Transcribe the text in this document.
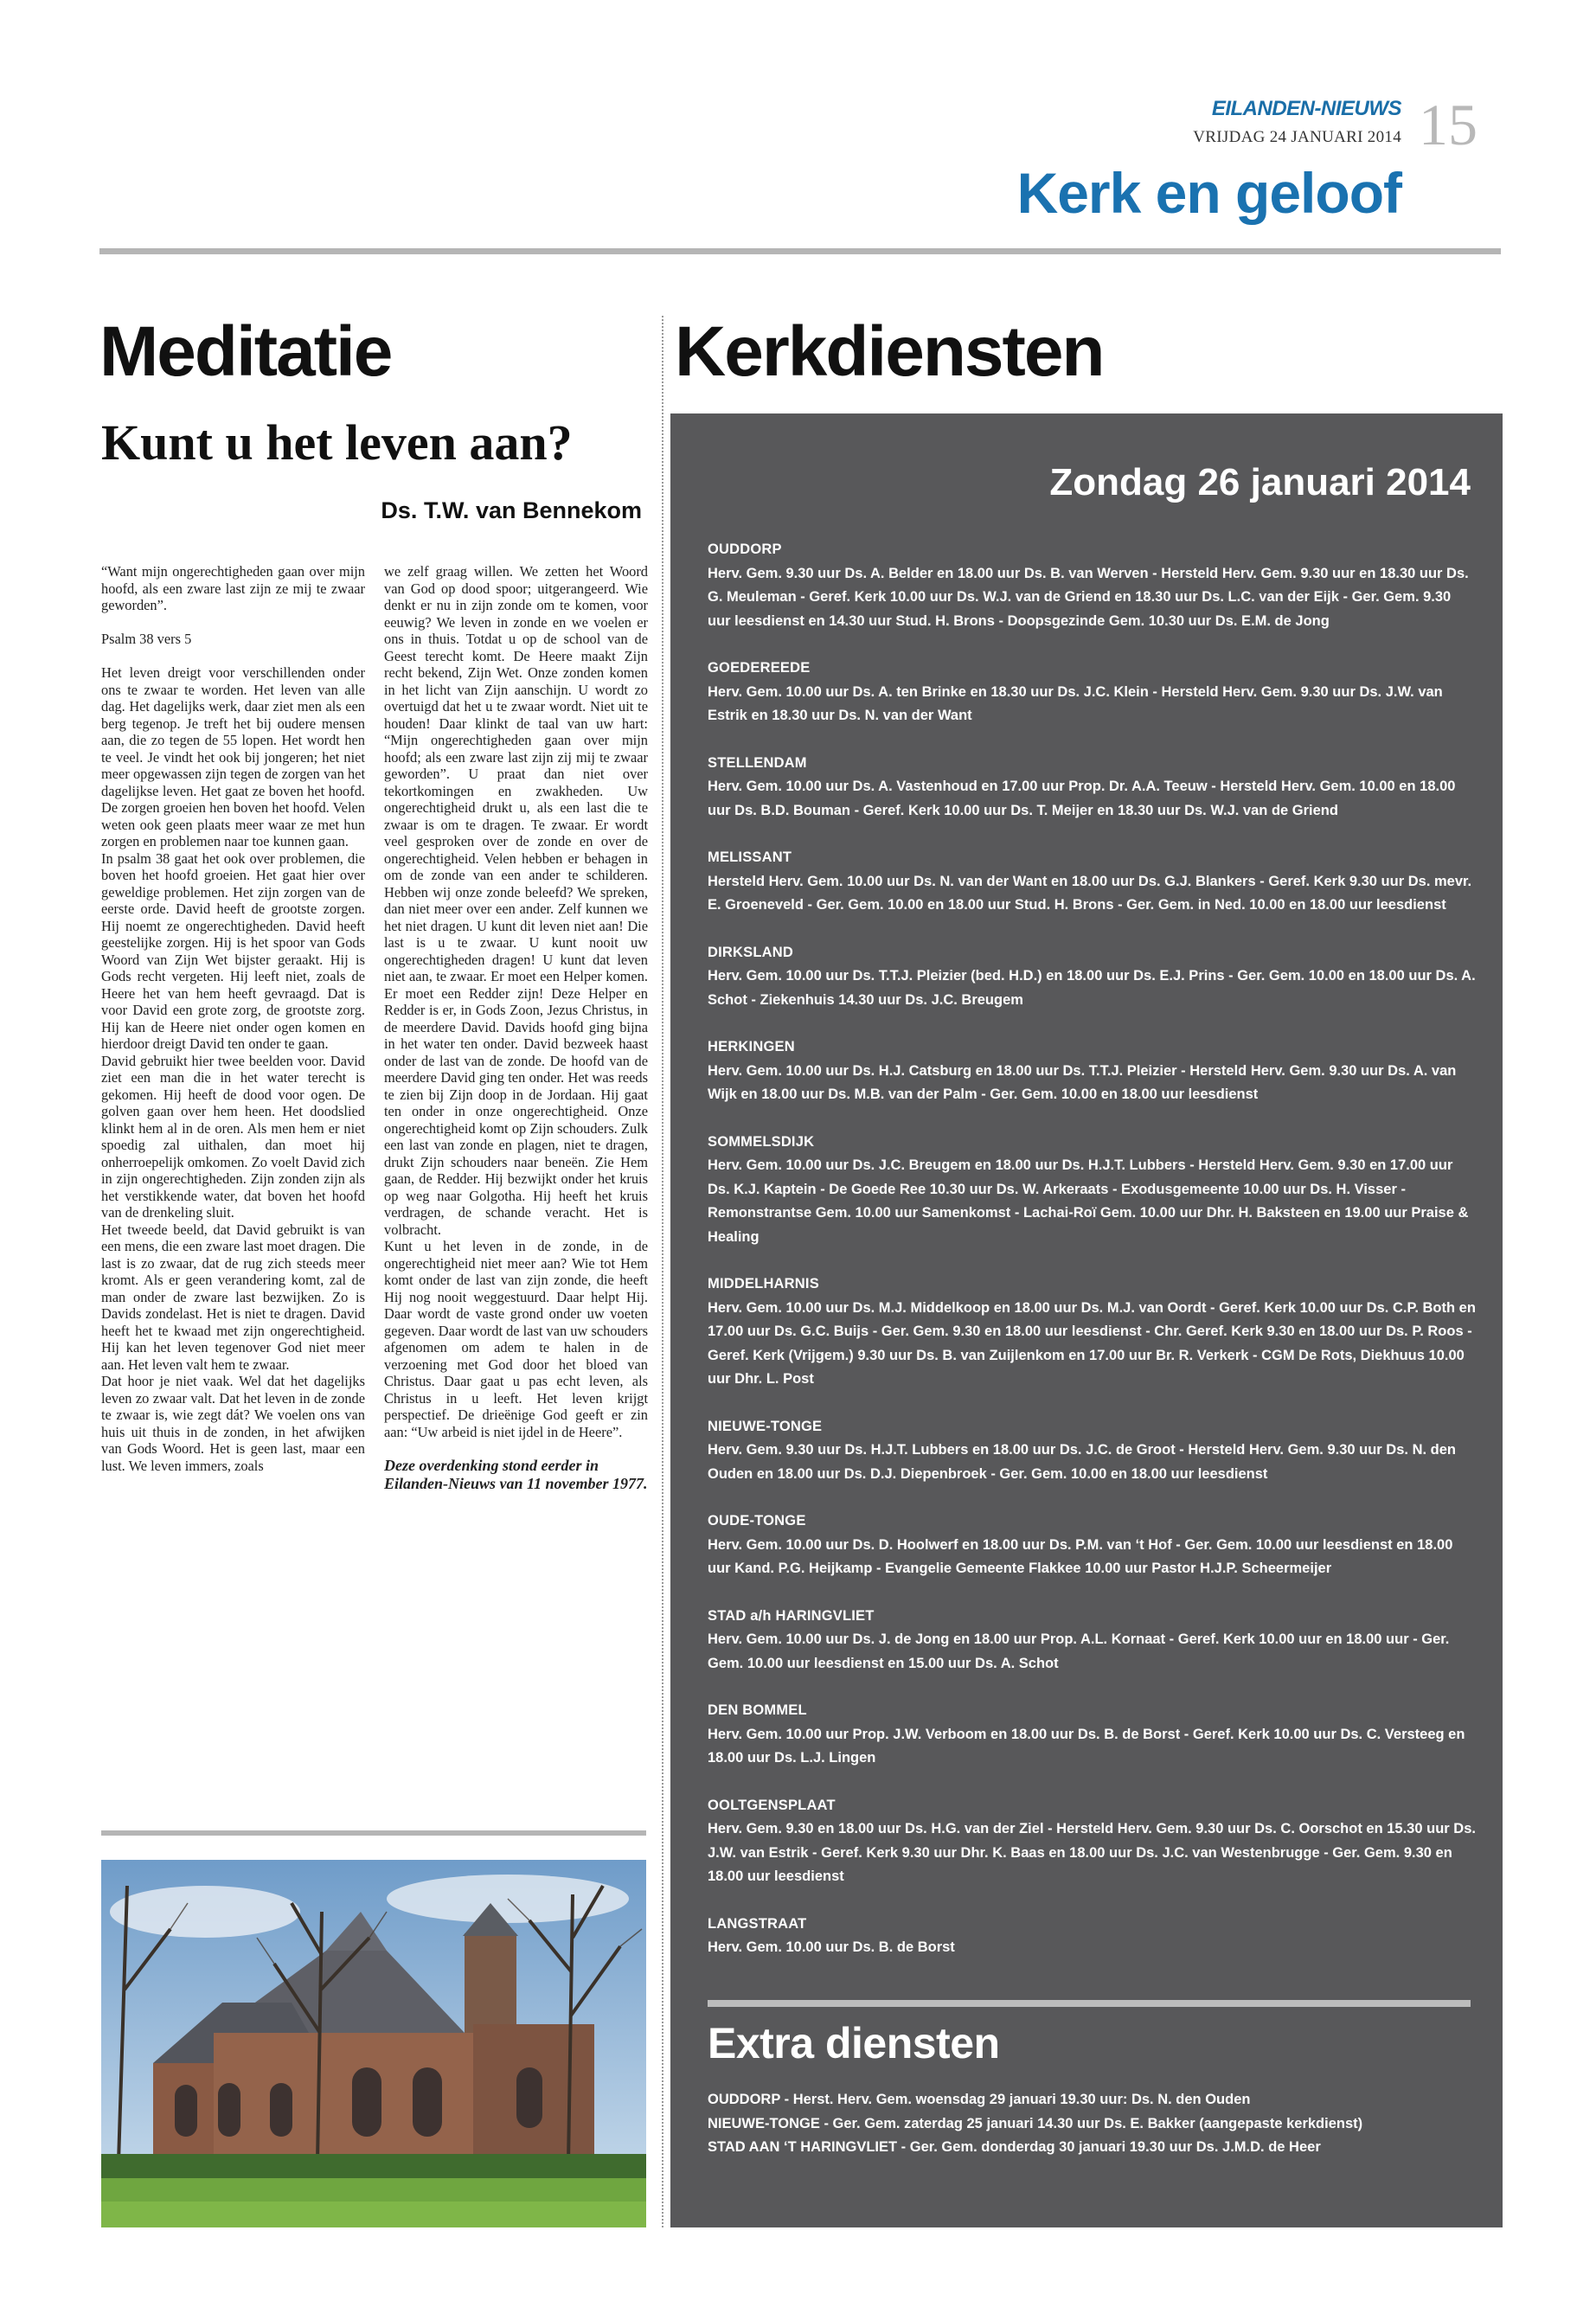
EILANDEN-NIEUWS
VRIJDAG 24 JANUARI 2014 15
Kerk en geloof
Meditatie
Kunt u het leven aan?
Ds. T.W. van Bennekom

“Want mijn ongerechtigheden gaan over mijn hoofd, als een zware last zijn ze mij te zwaar geworden”.

Psalm 38 vers 5

Het leven dreigt voor verschillenden onder ons te zwaar te worden. Het leven van alle dag. Het dagelijks werk, daar ziet men als een berg tegenop. Je treft het bij oudere mensen aan, die zo tegen de 55 lopen. Het wordt hen te veel. Je vindt het ook bij jongeren; het niet meer opgewassen zijn tegen de zorgen van het dagelijkse leven. Het gaat ze boven het hoofd. De zorgen groeien hen boven het hoofd. Velen weten ook geen plaats meer waar ze met hun zorgen en problemen naar toe kunnen gaan.

In psalm 38 gaat het ook over problemen, die boven het hoofd groeien. Het gaat hier over geweldige problemen. Het zijn zorgen van de eerste orde. David heeft de grootste zorgen. Hij noemt ze ongerechtigheden. David heeft geestelijke zorgen. Hij is het spoor van Gods Woord van Zijn Wet bijster geraakt. Hij is Gods recht vergeten. Hij leeft niet, zoals de Heere het van hem heeft gevraagd. Dat is voor David een grote zorg, de grootste zorg. Hij kan de Heere niet onder ogen komen en hierdoor dreigt David ten onder te gaan.

David gebruikt hier twee beelden voor. David ziet een man die in het water terecht is gekomen. Hij heeft de dood voor ogen. De golven gaan over hem heen. Het doodslied klinkt hem al in de oren. Als men hem er niet spoedig zal uithalen, dan moet hij onherroepelijk omkomen. Zo voelt David zich in zijn ongerechtigheden. Zijn zonden zijn als het verstikkende water, dat boven het hoofd van de drenkeling sluit.

Het tweede beeld, dat David gebruikt is van een mens, die een zware last moet dragen. Die last is zo zwaar, dat de rug zich steeds meer kromt. Als er geen verandering komt, zal de man onder de zware last bezwijken. Zo is Davids zondelast. Het is niet te dragen. David heeft het te kwaad met zijn ongerechtigheid. Hij kan het leven tegenover God niet meer aan. Het leven valt hem te zwaar.

Dat hoor je niet vaak. Wel dat het dagelijks leven zo zwaar valt. Dat het leven in de zonde te zwaar is, wie zegt dát? We voelen ons van huis uit thuis in de zonden, in het afwijken van Gods Woord. Het is geen last, maar een lust. We leven immers, zoals

we zelf graag willen. We zetten het Woord van God op dood spoor; uitgerangeerd. Wie denkt er nu in zijn zonde om te komen, voor eeuwig? We leven in zonde en we voelen er ons in thuis. Totdat u op de school van de Geest terecht komt. De Heere maakt Zijn recht bekend, Zijn Wet. Onze zonden komen in het licht van Zijn aanschijn. U wordt zo overtuigd dat het u te zwaar wordt. Niet uit te houden! Daar klinkt de taal van uw hart: “Mijn ongerechtigheden gaan over mijn hoofd; als een zware last zijn zij mij te zwaar geworden”. U praat dan niet over tekortkomingen en zwakheden. Uw ongerechtigheid drukt u, als een last die te zwaar is om te dragen. Te zwaar. Er wordt veel gesproken over de zonde en over de ongerechtigheid. Velen hebben er behagen in om de zonde van een ander te schilderen. Hebben wij onze zonde beleefd? We spreken, dan niet meer over een ander. Zelf kunnen we het niet dragen. U kunt dit leven niet aan! Die last is u te zwaar. U kunt nooit uw ongerechtigheden dragen! U kunt dat leven niet aan, te zwaar. Er moet een Helper komen. Er moet een Redder zijn! Deze Helper en Redder is er, in Gods Zoon, Jezus Christus, in de meerdere David. Davids hoofd ging bijna in het water ten onder. David bezweek haast onder de last van de zonde. De hoofd van de meerdere David ging ten onder. Het was reeds te zien bij Zijn doop in de Jordaan. Hij gaat ten onder in onze ongerechtigheid. Onze ongerechtigheid komt op Zijn schouders. Zulk een last van zonde en plagen, niet te dragen, drukt Zijn schouders naar beneën. Zie Hem gaan, de Redder. Hij bezwijkt onder het kruis op weg naar Golgotha. Hij heeft het kruis verdragen, de schande veracht. Het is volbracht.

Kunt u het leven in de zonde, in de ongerechtigheid niet meer aan? Wie tot Hem komt onder de last van zijn zonde, die heeft Hij nog nooit weggestuurd. Daar helpt Hij. Daar wordt de vaste grond onder uw voeten gegeven. Daar wordt de last van uw schouders afgenomen om adem te halen in de verzoening met God door het bloed van Christus. Daar gaat u pas echt leven, als Christus in u leeft. Het leven krijgt perspectief. De drieënige God geeft er zin aan: “Uw arbeid is niet ijdel in de Heere”.

Deze overdenking stond eerder in Eilanden-Nieuws van 11 november 1977.

Kerkdiensten
Zondag 26 januari 2014
OUDDORP
Herv. Gem. 9.30 uur Ds. A. Belder en 18.00 uur Ds. B. van Werven - Hersteld Herv. Gem. 9.30 uur en 18.30 uur Ds. G. Meuleman - Geref. Kerk 10.00 uur Ds. W.J. van de Griend en 18.30 uur Ds. L.C. van der Eijk - Ger. Gem. 9.30 uur leesdienst en 14.30 uur Stud. H. Brons - Doopsgezinde Gem. 10.30 uur Ds. E.M. de Jong
GOEDEREEDE
Herv. Gem. 10.00 uur Ds. A. ten Brinke en 18.30 uur Ds. J.C. Klein - Hersteld Herv. Gem. 9.30 uur Ds. J.W. van Estrik en 18.30 uur Ds. N. van der Want
STELLENDAM
Herv. Gem. 10.00 uur Ds. A. Vastenhoud en 17.00 uur Prop. Dr. A.A. Teeuw - Hersteld Herv. Gem. 10.00 en 18.00 uur Ds. B.D. Bouman - Geref. Kerk 10.00 uur Ds. T. Meijer en 18.30 uur Ds. W.J. van de Griend
MELISSANT
Hersteld Herv. Gem. 10.00 uur Ds. N. van der Want en 18.00 uur Ds. G.J. Blankers - Geref. Kerk 9.30 uur Ds. mevr. E. Groeneveld - Ger. Gem. 10.00 en 18.00 uur Stud. H. Brons - Ger. Gem. in Ned. 10.00 en 18.00 uur leesdienst
DIRKSLAND
Herv. Gem. 10.00 uur Ds. T.T.J. Pleizier (bed. H.D.) en 18.00 uur Ds. E.J. Prins - Ger. Gem. 10.00 en 18.00 uur Ds. A. Schot - Ziekenhuis 14.30 uur Ds. J.C. Breugem
HERKINGEN
Herv. Gem. 10.00 uur Ds. H.J. Catsburg en 18.00 uur Ds. T.T.J. Pleizier - Hersteld Herv. Gem. 9.30 uur Ds. A. van Wijk en 18.00 uur Ds. M.B. van der Palm - Ger. Gem. 10.00 en 18.00 uur leesdienst
SOMMELSDIJK
Herv. Gem. 10.00 uur Ds. J.C. Breugem en 18.00 uur Ds. H.J.T. Lubbers - Hersteld Herv. Gem. 9.30 en 17.00 uur Ds. K.J. Kaptein - De Goede Ree 10.30 uur Ds. W. Arkeraats - Exodusgemeente 10.00 uur Ds. H. Visser - Remonstrantse Gem. 10.00 uur Samenkomst - Lachai-Roï Gem. 10.00 uur Dhr. H. Baksteen en 19.00 uur Praise & Healing
MIDDELHARNIS
Herv. Gem. 10.00 uur Ds. M.J. Middelkoop en 18.00 uur Ds. M.J. van Oordt - Geref. Kerk 10.00 uur Ds. C.P. Both en 17.00 uur Ds. G.C. Buijs - Ger. Gem. 9.30 en 18.00 uur leesdienst - Chr. Geref. Kerk 9.30 en 18.00 uur Ds. P. Roos - Geref. Kerk (Vrijgem.) 9.30 uur Ds. B. van Zuijlenkom en 17.00 uur Br. R. Verkerk - CGM De Rots, Diekhuus 10.00 uur Dhr. L. Post
NIEUWE-TONGE
Herv. Gem. 9.30 uur Ds. H.J.T. Lubbers en 18.00 uur Ds. J.C. de Groot - Hersteld Herv. Gem. 9.30 uur Ds. N. den Ouden en 18.00 uur Ds. D.J. Diepenbroek - Ger. Gem. 10.00 en 18.00 uur leesdienst
OUDE-TONGE
Herv. Gem. 10.00 uur Ds. D. Hoolwerf en 18.00 uur Ds. P.M. van ‘t Hof - Ger. Gem. 10.00 uur leesdienst en 18.00 uur Kand. P.G. Heijkamp - Evangelie Gemeente Flakkee 10.00 uur Pastor H.J.P. Scheermeijer
STAD a/h HARINGVLIET
Herv. Gem. 10.00 uur Ds. J. de Jong en 18.00 uur Prop. A.L. Kornaat - Geref. Kerk 10.00 uur en 18.00 uur - Ger. Gem. 10.00 uur leesdienst en 15.00 uur Ds. A. Schot
DEN BOMMEL
Herv. Gem. 10.00 uur Prop. J.W. Verboom en 18.00 uur Ds. B. de Borst - Geref. Kerk 10.00 uur Ds. C. Versteeg en 18.00 uur Ds. L.J. Lingen
OOLTGENSPLAAT
Herv. Gem. 9.30 en 18.00 uur Ds. H.G. van der Ziel - Hersteld Herv. Gem. 9.30 uur Ds. C. Oorschot en 15.30 uur Ds. J.W. van Estrik - Geref. Kerk 9.30 uur Dhr. K. Baas en 18.00 uur Ds. J.C. van Westenbrugge - Ger. Gem. 9.30 en 18.00 uur leesdienst
LANGSTRAAT
Herv. Gem. 10.00 uur Ds. B. de Borst
Extra diensten
OUDDORP - Herst. Herv. Gem. woensdag 29 januari 19.30 uur: Ds. N. den Ouden
NIEUWE-TONGE - Ger. Gem. zaterdag 25 januari 14.30 uur Ds. E. Bakker (aangepaste kerkdienst)
STAD AAN ‘T HARINGVLIET - Ger. Gem. donderdag 30 januari 19.30 uur Ds. J.M.D. de Heer
